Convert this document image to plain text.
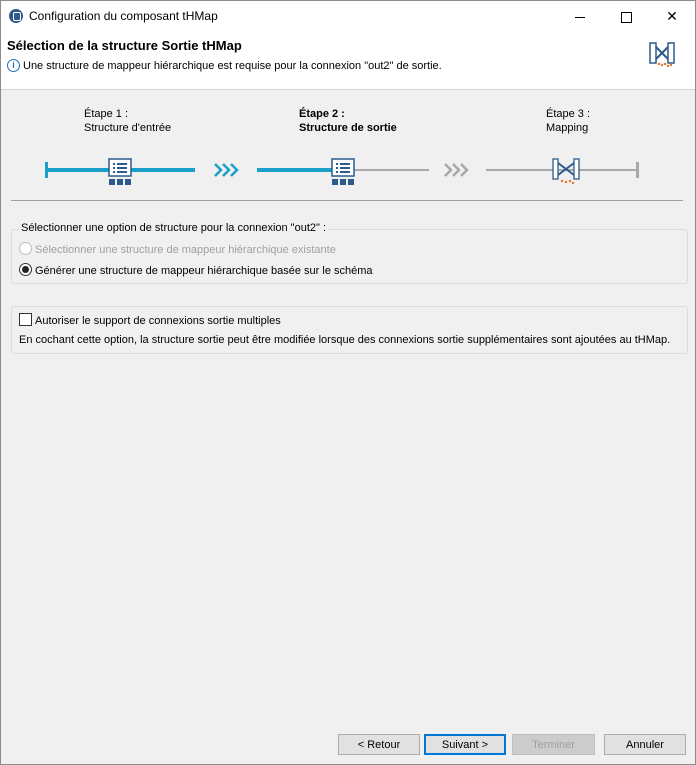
Configuration du composant tHMap	✕
Sélection de la structure Sortie tHMap
i Une structure de mappeur hiérarchique est requise pour la connexion "out2" de sortie.
Étape 1 :
Structure d'entrée
Étape 2 :
Structure de sortie
Étape 3 :
Mapping
Sélectionner une option de structure pour la connexion "out2" :
Sélectionner une structure de mappeur hiérarchique existante
Générer une structure de mappeur hiérarchique basée sur le schéma
Autoriser le support de connexions sortie multiples
En cochant cette option, la structure sortie peut être modifiée lorsque des connexions sortie supplémentaires sont ajoutées au tHMap.
< Retour	Suivant >	Terminer	Annuler
